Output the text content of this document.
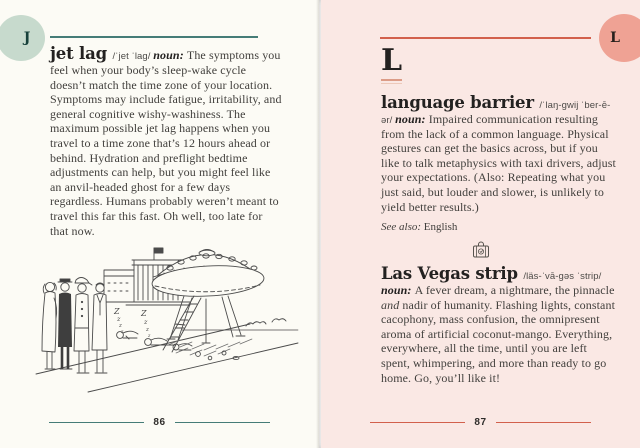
jet lag /ˈjet ˈlag/ noun: The symptoms you feel when your body’s sleep-wake cycle doesn’t match the time zone of your location. Symptoms may include fatigue, irritability, and general cognitive wishy-washiness. The maximum possible jet lag happens when you travel to a time zone that’s 12 hours ahead or behind. Hydration and preflight bedtime adjustments can help, but you might feel like an anvil-headed ghost for a few days regardless. Humans probably weren’t meant to travel this far this fast. Oh well, too late for that now.

Z
z
z
z
Z
z
z
z
86
J
L

language barrier /ˈlaŋ-gwij ˈber-ē-ər/ noun: Impaired communication resulting from the lack of a common language. Physical gestures can get the basics across, but if you like to talk metaphysics with taxi drivers, adjust your expectations. (Also: Repeating what you just said, but louder and slower, is unlikely to yield better results.)

See also: English

Las Vegas strip /läs-ˈvā-gəs ˈstrip/ noun: A fever dream, a nightmare, the pinnacle and nadir of humanity. Flashing lights, constant cacophony, mass confusion, the omnipresent aroma of artificial coconut-mango. Everything, everywhere, all the time, until you are left spent, whimpering, and more than ready to go home. Go, you’ll like it!

87
L
